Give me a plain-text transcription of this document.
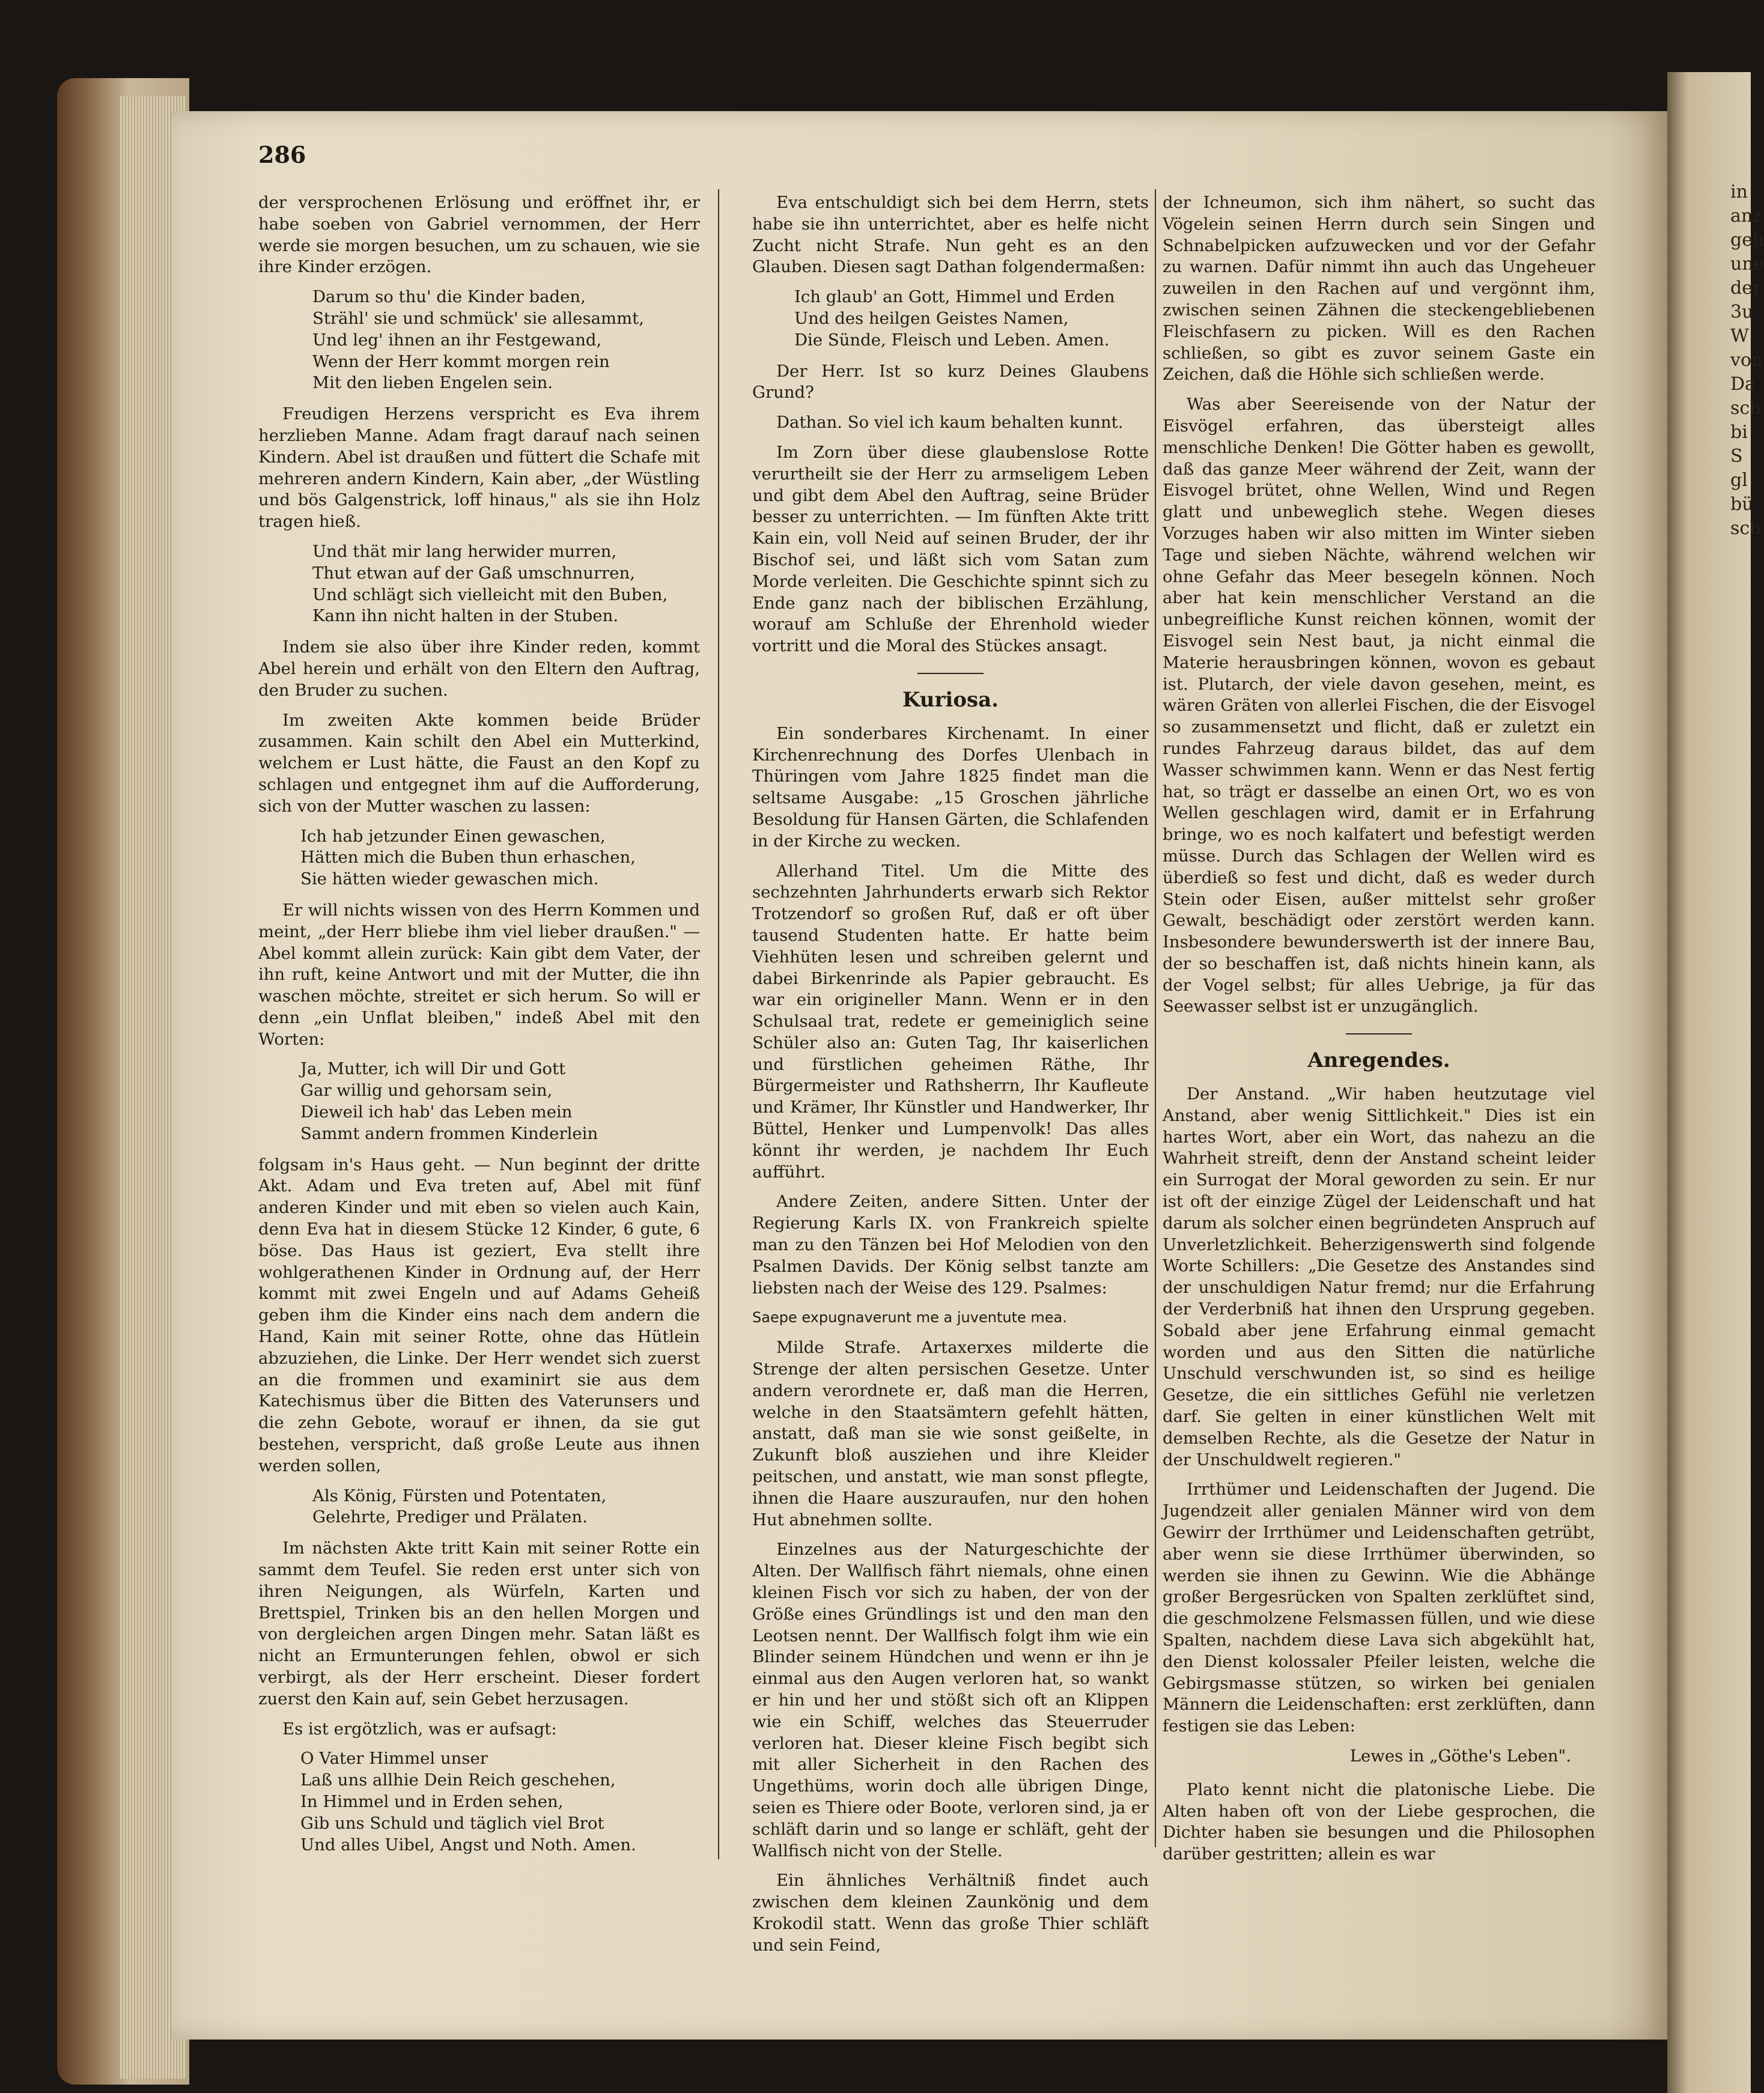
in
anz
geh
une
der
3u
W
von
Da
sch
bi
S
gl
bü
sch
286

der versprochenen Erlösung und eröffnet ihr, er habe soeben von Gabriel vernommen, der Herr werde sie morgen besuchen, um zu schauen, wie sie ihre Kinder erzögen.

Darum so thu' die Kinder baden,
Strähl' sie und schmück' sie allesammt,
Und leg' ihnen an ihr Festgewand,
Wenn der Herr kommt morgen rein
Mit den lieben Engelen sein.

Freudigen Herzens verspricht es Eva ihrem herzlieben Manne. Adam fragt darauf nach seinen Kindern. Abel ist draußen und füttert die Schafe mit mehreren andern Kindern, Kain aber, „der Wüstling und bös Galgenstrick, loff hinaus," als sie ihn Holz tragen hieß.

Und thät mir lang herwider murren,
Thut etwan auf der Gaß umschnurren,
Und schlägt sich vielleicht mit den Buben,
Kann ihn nicht halten in der Stuben.

Indem sie also über ihre Kinder reden, kommt Abel herein und erhält von den Eltern den Auftrag, den Bruder zu suchen.

Im zweiten Akte kommen beide Brüder zusammen. Kain schilt den Abel ein Mutterkind, welchem er Lust hätte, die Faust an den Kopf zu schlagen und entgegnet ihm auf die Aufforderung, sich von der Mutter waschen zu lassen:

Ich hab jetzunder Einen gewaschen,
Hätten mich die Buben thun erhaschen,
Sie hätten wieder gewaschen mich.

Er will nichts wissen von des Herrn Kommen und meint, „der Herr bliebe ihm viel lieber draußen." — Abel kommt allein zurück: Kain gibt dem Vater, der ihn ruft, keine Antwort und mit der Mutter, die ihn waschen möchte, streitet er sich herum. So will er denn „ein Unflat bleiben," indeß Abel mit den Worten:

Ja, Mutter, ich will Dir und Gott
Gar willig und gehorsam sein,
Dieweil ich hab' das Leben mein
Sammt andern frommen Kinderlein

folgsam in's Haus geht. — Nun beginnt der dritte Akt. Adam und Eva treten auf, Abel mit fünf anderen Kinder und mit eben so vielen auch Kain, denn Eva hat in diesem Stücke 12 Kinder, 6 gute, 6 böse. Das Haus ist geziert, Eva stellt ihre wohlgerathenen Kinder in Ordnung auf, der Herr kommt mit zwei Engeln und auf Adams Geheiß geben ihm die Kinder eins nach dem andern die Hand, Kain mit seiner Rotte, ohne das Hütlein abzuziehen, die Linke. Der Herr wendet sich zuerst an die frommen und examinirt sie aus dem Katechismus über die Bitten des Vaterunsers und die zehn Gebote, worauf er ihnen, da sie gut bestehen, verspricht, daß große Leute aus ihnen werden sollen,

Als König, Fürsten und Potentaten,
Gelehrte, Prediger und Prälaten.

Im nächsten Akte tritt Kain mit seiner Rotte ein sammt dem Teufel. Sie reden erst unter sich von ihren Neigungen, als Würfeln, Karten und Brettspiel, Trinken bis an den hellen Morgen und von dergleichen argen Dingen mehr. Satan läßt es nicht an Ermunterungen fehlen, obwol er sich verbirgt, als der Herr erscheint. Dieser fordert zuerst den Kain auf, sein Gebet herzusagen.

Es ist ergötzlich, was er aufsagt:

O Vater Himmel unser
Laß uns allhie Dein Reich geschehen,
In Himmel und in Erden sehen,
Gib uns Schuld und täglich viel Brot
Und alles Uibel, Angst und Noth. Amen.

Eva entschuldigt sich bei dem Herrn, stets habe sie ihn unterrichtet, aber es helfe nicht Zucht nicht Strafe. Nun geht es an den Glauben. Diesen sagt Dathan folgendermaßen:

Ich glaub' an Gott, Himmel und Erden
Und des heilgen Geistes Namen,
Die Sünde, Fleisch und Leben. Amen.

Der Herr. Ist so kurz Deines Glaubens Grund?

Dathan. So viel ich kaum behalten kunnt.

Im Zorn über diese glaubenslose Rotte verurtheilt sie der Herr zu armseligem Leben und gibt dem Abel den Auftrag, seine Brüder besser zu unterrichten. — Im fünften Akte tritt Kain ein, voll Neid auf seinen Bruder, der ihr Bischof sei, und läßt sich vom Satan zum Morde verleiten. Die Geschichte spinnt sich zu Ende ganz nach der biblischen Erzählung, worauf am Schluße der Ehrenhold wieder vortritt und die Moral des Stückes ansagt.

Kuriosa.

Ein sonderbares Kirchenamt. In einer Kirchenrechnung des Dorfes Ulenbach in Thüringen vom Jahre 1825 findet man die seltsame Ausgabe: „15 Groschen jährliche Besoldung für Hansen Gärten, die Schlafenden in der Kirche zu wecken.

Allerhand Titel. Um die Mitte des sechzehnten Jahrhunderts erwarb sich Rektor Trotzendorf so großen Ruf, daß er oft über tausend Studenten hatte. Er hatte beim Viehhüten lesen und schreiben gelernt und dabei Birkenrinde als Papier gebraucht. Es war ein origineller Mann. Wenn er in den Schulsaal trat, redete er gemeiniglich seine Schüler also an: Guten Tag, Ihr kaiserlichen und fürstlichen geheimen Räthe, Ihr Bürgermeister und Rathsherrn, Ihr Kaufleute und Krämer, Ihr Künstler und Handwerker, Ihr Büttel, Henker und Lumpenvolk! Das alles könnt ihr werden, je nachdem Ihr Euch aufführt.

Andere Zeiten, andere Sitten. Unter der Regierung Karls IX. von Frankreich spielte man zu den Tänzen bei Hof Melodien von den Psalmen Davids. Der König selbst tanzte am liebsten nach der Weise des 129. Psalmes:

Saepe expugnaverunt me a juventute mea.

Milde Strafe. Artaxerxes milderte die Strenge der alten persischen Gesetze. Unter andern verordnete er, daß man die Herren, welche in den Staatsämtern gefehlt hätten, anstatt, daß man sie wie sonst geißelte, in Zukunft bloß ausziehen und ihre Kleider peitschen, und anstatt, wie man sonst pflegte, ihnen die Haare auszuraufen, nur den hohen Hut abnehmen sollte.

Einzelnes aus der Naturgeschichte der Alten. Der Wallfisch fährt niemals, ohne einen kleinen Fisch vor sich zu haben, der von der Größe eines Gründlings ist und den man den Leotsen nennt. Der Wallfisch folgt ihm wie ein Blinder seinem Hündchen und wenn er ihn je einmal aus den Augen verloren hat, so wankt er hin und her und stößt sich oft an Klippen wie ein Schiff, welches das Steuerruder verloren hat. Dieser kleine Fisch begibt sich mit aller Sicherheit in den Rachen des Ungethüms, worin doch alle übrigen Dinge, seien es Thiere oder Boote, verloren sind, ja er schläft darin und so lange er schläft, geht der Wallfisch nicht von der Stelle.

Ein ähnliches Verhältniß findet auch zwischen dem kleinen Zaunkönig und dem Krokodil statt. Wenn das große Thier schläft und sein Feind,

der Ichneumon, sich ihm nähert, so sucht das Vögelein seinen Herrn durch sein Singen und Schnabelpicken aufzuwecken und vor der Gefahr zu warnen. Dafür nimmt ihn auch das Ungeheuer zuweilen in den Rachen auf und vergönnt ihm, zwischen seinen Zähnen die steckengebliebenen Fleischfasern zu picken. Will es den Rachen schließen, so gibt es zuvor seinem Gaste ein Zeichen, daß die Höhle sich schließen werde.

Was aber Seereisende von der Natur der Eisvögel erfahren, das übersteigt alles menschliche Denken! Die Götter haben es gewollt, daß das ganze Meer während der Zeit, wann der Eisvogel brütet, ohne Wellen, Wind und Regen glatt und unbeweglich stehe. Wegen dieses Vorzuges haben wir also mitten im Winter sieben Tage und sieben Nächte, während welchen wir ohne Gefahr das Meer besegeln können. Noch aber hat kein menschlicher Verstand an die unbegreifliche Kunst reichen können, womit der Eisvogel sein Nest baut, ja nicht einmal die Materie herausbringen können, wovon es gebaut ist. Plutarch, der viele davon gesehen, meint, es wären Gräten von allerlei Fischen, die der Eisvogel so zusammensetzt und flicht, daß er zuletzt ein rundes Fahrzeug daraus bildet, das auf dem Wasser schwimmen kann. Wenn er das Nest fertig hat, so trägt er dasselbe an einen Ort, wo es von Wellen geschlagen wird, damit er in Erfahrung bringe, wo es noch kalfatert und befestigt werden müsse. Durch das Schlagen der Wellen wird es überdieß so fest und dicht, daß es weder durch Stein oder Eisen, außer mittelst sehr großer Gewalt, beschädigt oder zerstört werden kann. Insbesondere bewunderswerth ist der innere Bau, der so beschaffen ist, daß nichts hinein kann, als der Vogel selbst; für alles Uebrige, ja für das Seewasser selbst ist er unzugänglich.

Anregendes.

Der Anstand. „Wir haben heutzutage viel Anstand, aber wenig Sittlichkeit." Dies ist ein hartes Wort, aber ein Wort, das nahezu an die Wahrheit streift, denn der Anstand scheint leider ein Surrogat der Moral geworden zu sein. Er nur ist oft der einzige Zügel der Leidenschaft und hat darum als solcher einen begründeten Anspruch auf Unverletzlichkeit. Beherzigenswerth sind folgende Worte Schillers: „Die Gesetze des Anstandes sind der unschuldigen Natur fremd; nur die Erfahrung der Verderbniß hat ihnen den Ursprung gegeben. Sobald aber jene Erfahrung einmal gemacht worden und aus den Sitten die natürliche Unschuld verschwunden ist, so sind es heilige Gesetze, die ein sittliches Gefühl nie verletzen darf. Sie gelten in einer künstlichen Welt mit demselben Rechte, als die Gesetze der Natur in der Unschuldwelt regieren."

Irrthümer und Leidenschaften der Jugend. Die Jugendzeit aller genialen Männer wird von dem Gewirr der Irrthümer und Leidenschaften getrübt, aber wenn sie diese Irrthümer überwinden, so werden sie ihnen zu Gewinn. Wie die Abhänge großer Bergesrücken von Spalten zerklüftet sind, die geschmolzene Felsmassen füllen, und wie diese Spalten, nachdem diese Lava sich abgekühlt hat, den Dienst kolossaler Pfeiler leisten, welche die Gebirgsmasse stützen, so wirken bei genialen Männern die Leidenschaften: erst zerklüften, dann festigen sie das Leben:

Lewes in „Göthe's Leben".

Plato kennt nicht die platonische Liebe. Die Alten haben oft von der Liebe gesprochen, die Dichter haben sie besungen und die Philosophen darüber gestritten; allein es war
